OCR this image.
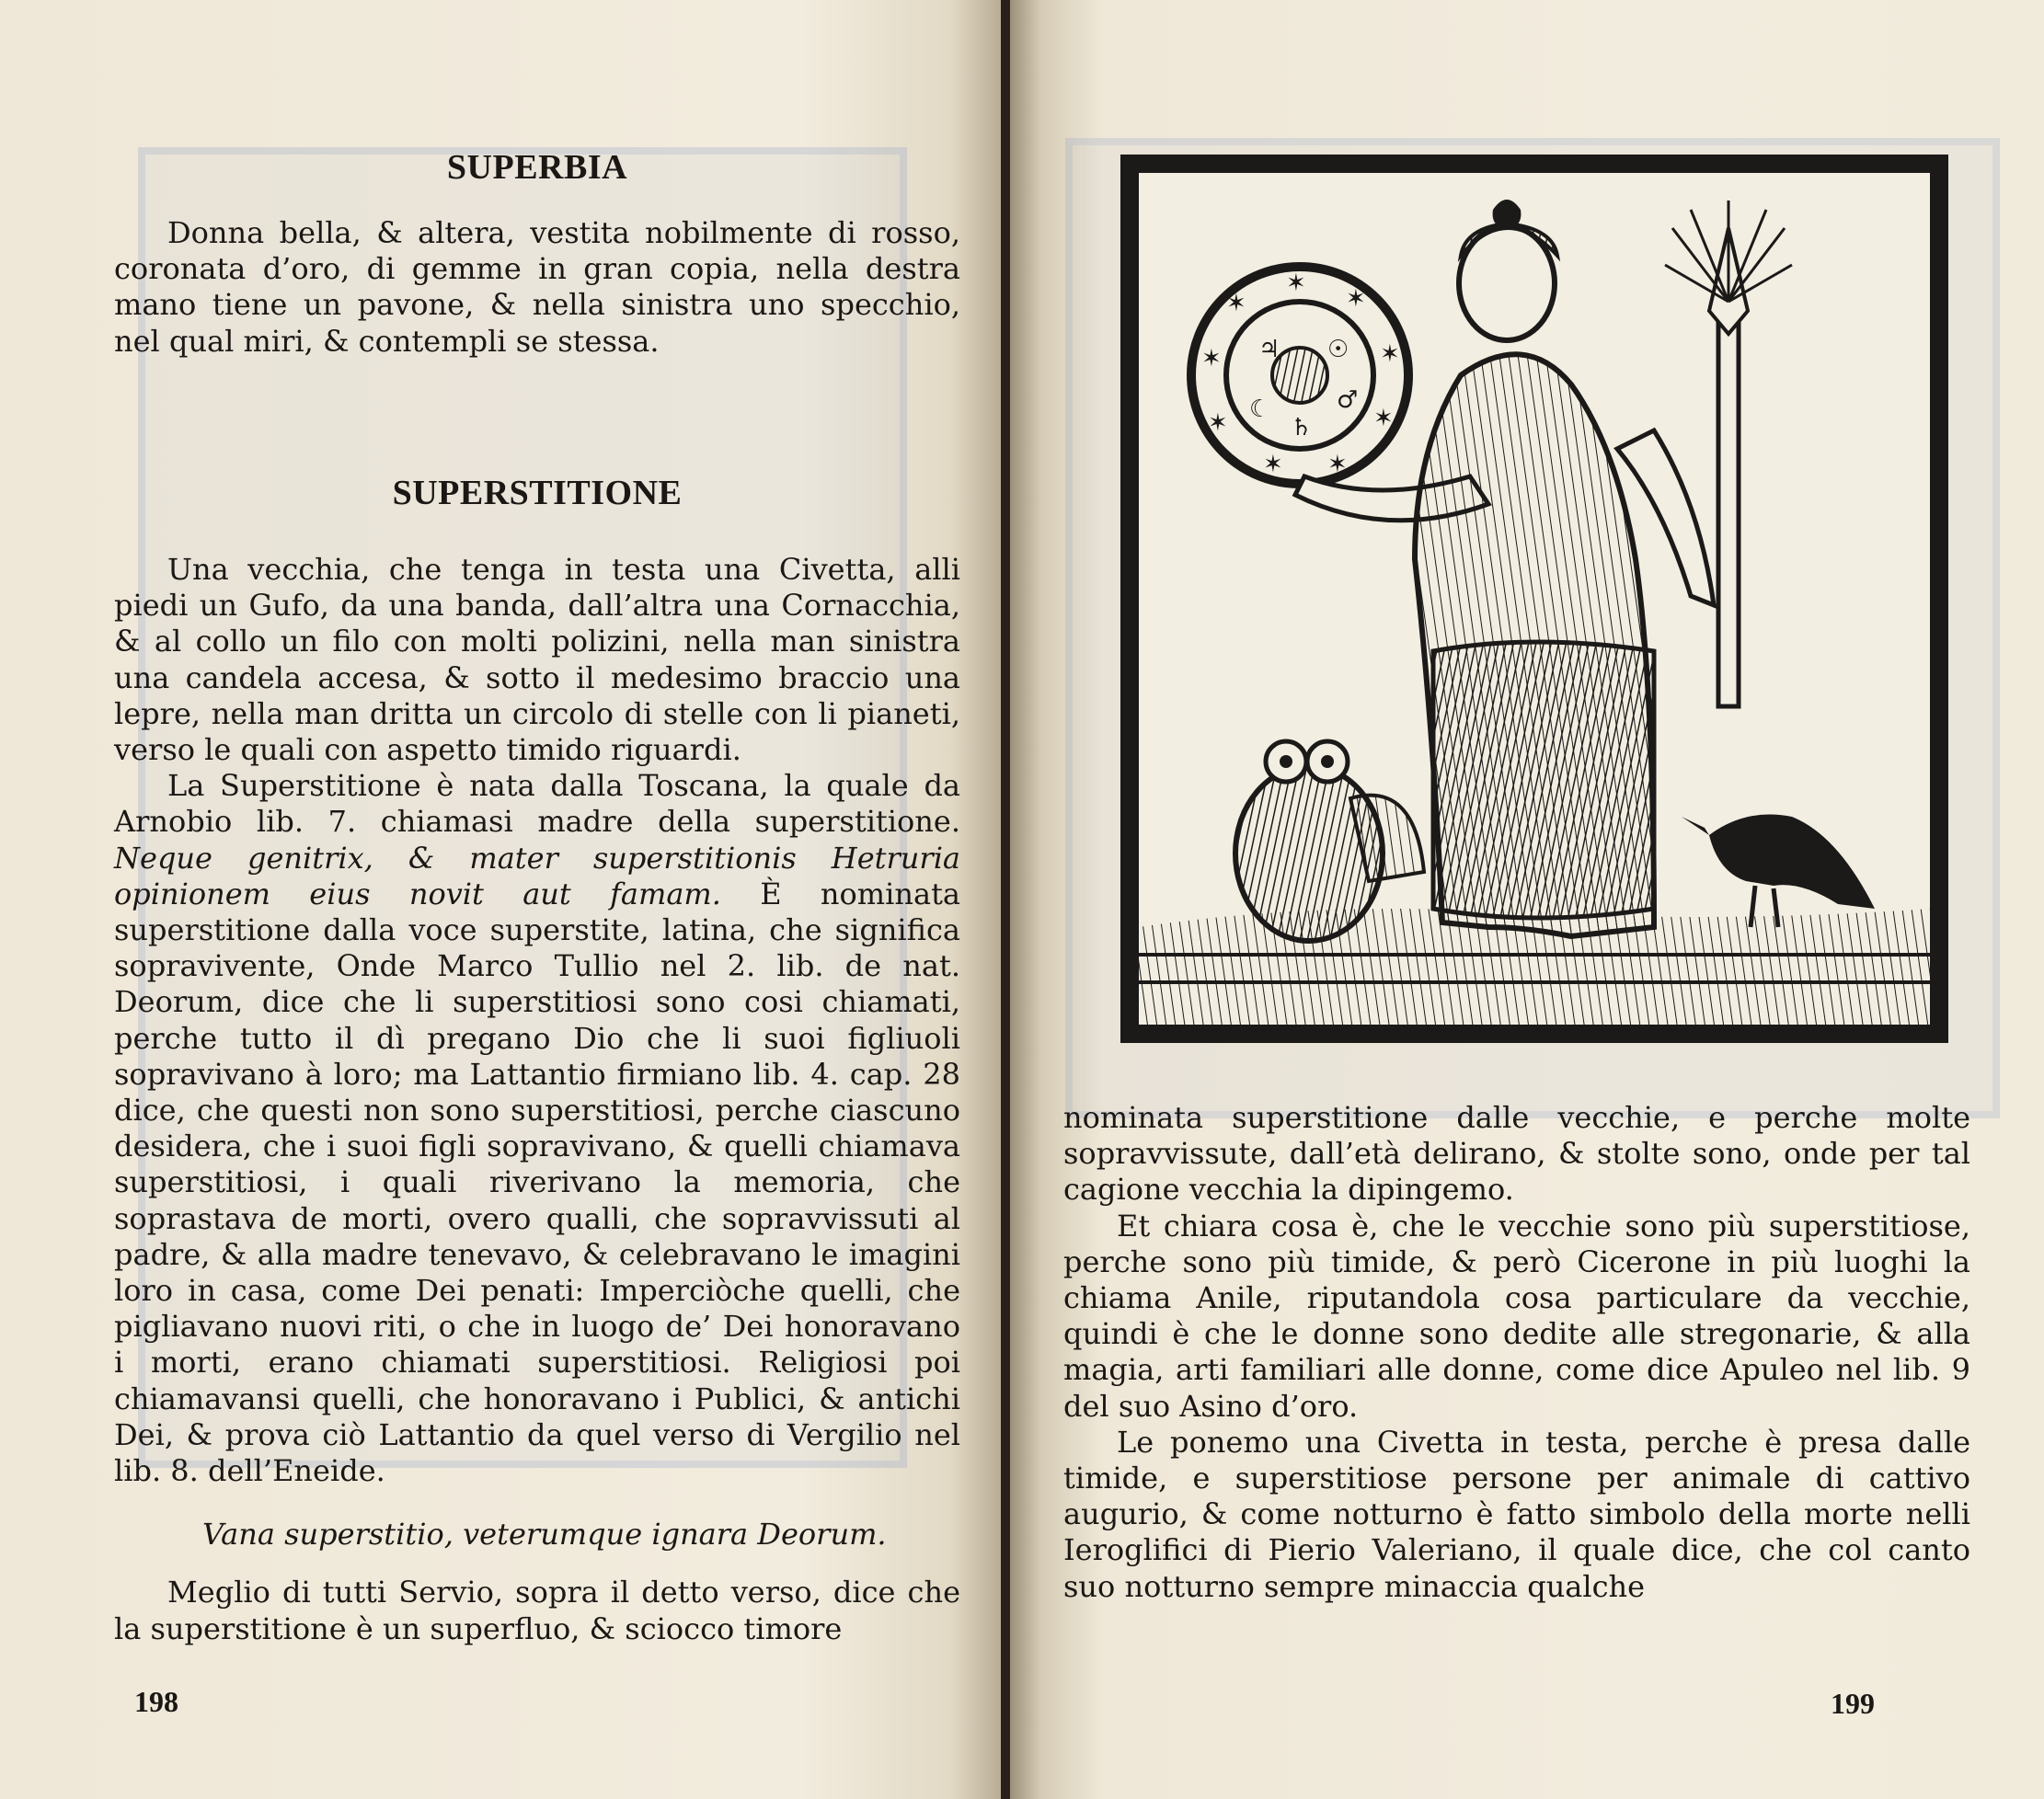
SUPERBIA

Donna bella, & altera, vestita nobilmente di rosso, coronata d’oro, di gemme in gran copia, nella destra mano tiene un pavone, & nella sinistra uno specchio, nel qual miri, & contempli se stessa.

SUPERSTITIONE

Una vecchia, che tenga in testa una Civetta, alli piedi un Gufo, da una banda, dall’altra una Cornacchia, & al collo un filo con molti polizini, nella man sinistra una candela accesa, & sotto il medesimo braccio una lepre, nella man dritta un circolo di stelle con li pianeti, verso le quali con aspetto timido riguardi.

La Superstitione è nata dalla Toscana, la quale da Arnobio lib. 7. chiamasi madre della superstitione. Neque genitrix, & mater superstitionis Hetruria opinionem eius novit aut famam. È nominata superstitione dalla voce superstite, latina, che significa sopravivente, Onde Marco Tullio nel 2. lib. de nat. Deorum, dice che li superstitiosi sono cosi chiamati, perche tutto il dì pregano Dio che li suoi figliuoli sopravivano à loro; ma Lattantio firmiano lib. 4. cap. 28 dice, che questi non sono superstitiosi, perche ciascuno desidera, che i suoi figli sopravivano, & quelli chiamava superstitiosi, i quali riverivano la memoria, che soprastava de morti, overo qualli, che sopravvissuti al padre, & alla madre tenevavo, & celebravano le imagini loro in casa, come Dei penati: Imperciòche quelli, che pigliavano nuovi riti, o che in luogo de’ Dei honoravano i morti, erano chiamati superstitiosi. Religiosi poi chiamavansi quelli, che honoravano i Publici, & antichi Dei, & prova ciò Lattantio da quel verso di Vergilio nel lib. 8. dell’Eneide.

Vana superstitio, veterumque ignara Deorum.

Meglio di tutti Servio, sopra il detto verso, dice che la superstitione è un superfluo, & sciocco timore

198
✶
✶
✶
✶
✶
✶
✶
✶
✶ ♃ ☉
♂
☾
♄

nominata superstitione dalle vecchie, e perche molte sopravvissute, dall’età delirano, & stolte sono, onde per tal cagione vecchia la dipingemo.

Et chiara cosa è, che le vecchie sono più superstitiose, perche sono più timide, & però Cicerone in più luoghi la chiama Anile, riputandola cosa particulare da vecchie, quindi è che le donne sono dedite alle stregonarie, & alla magia, arti familiari alle donne, come dice Apuleo nel lib. 9 del suo Asino d’oro.

Le ponemo una Civetta in testa, perche è presa dalle timide, e superstitiose persone per animale di cattivo augurio, & come notturno è fatto simbolo della morte nelli Ieroglifici di Pierio Valeriano, il quale dice, che col canto suo notturno sempre minaccia qualche

199
